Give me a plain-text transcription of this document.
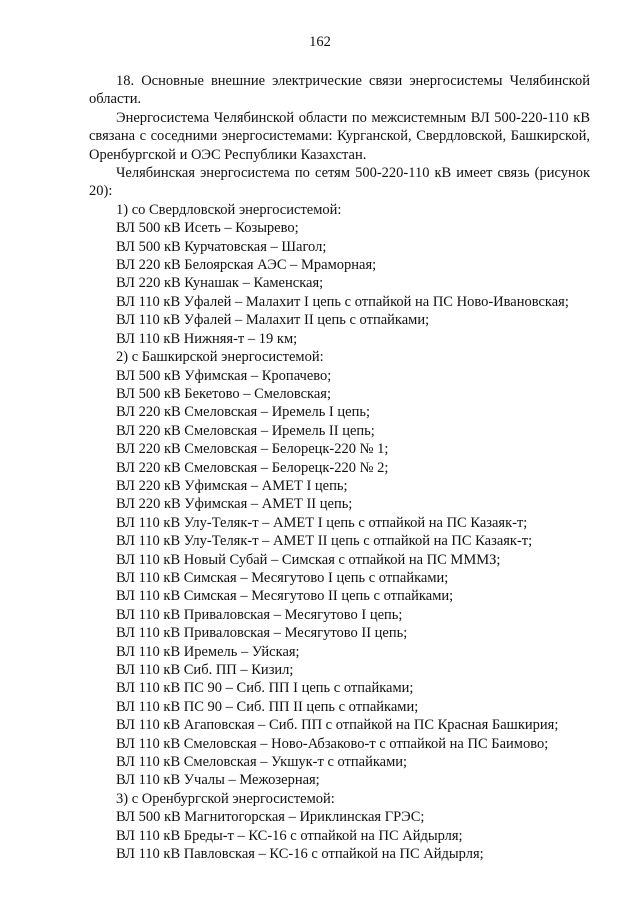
162

18. Основные внешние электрические связи энергосистемы Челябинской области.

Энергосистема Челябинской области по межсистемным ВЛ 500-220-110 кВ связана с соседними энергосистемами: Курганской, Свердловской, Башкирской, Оренбургской и ОЭС Республики Казахстан.

Челябинская энергосистема по сетям 500-220-110 кВ имеет связь (рисунок 20):

1) со Свердловской энергосистемой:

ВЛ 500 кВ Исеть – Козырево;

ВЛ 500 кВ Курчатовская – Шагол;

ВЛ 220 кВ Белоярская АЭС – Мраморная;

ВЛ 220 кВ Кунашак – Каменская;

ВЛ 110 кВ Уфалей – Малахит I цепь с отпайкой на ПС Ново-Ивановская;

ВЛ 110 кВ Уфалей – Малахит II цепь с отпайками;

ВЛ 110 кВ Нижняя-т – 19 км;

2) с Башкирской энергосистемой:

ВЛ 500 кВ Уфимская – Кропачево;

ВЛ 500 кВ Бекетово – Смеловская;

ВЛ 220 кВ Смеловская – Иремель I цепь;

ВЛ 220 кВ Смеловская – Иремель II цепь;

ВЛ 220 кВ Смеловская – Белорецк-220 № 1;

ВЛ 220 кВ Смеловская – Белорецк-220 № 2;

ВЛ 220 кВ Уфимская – АМЕТ I цепь;

ВЛ 220 кВ Уфимская – АМЕТ II цепь;

ВЛ 110 кВ Улу-Теляк-т – АМЕТ I цепь с отпайкой на ПС Казаяк-т;

ВЛ 110 кВ Улу-Теляк-т – АМЕТ II цепь с отпайкой на ПС Казаяк-т;

ВЛ 110 кВ Новый Субай – Симская с отпайкой на ПС МММЗ;

ВЛ 110 кВ Симская – Месягутово I цепь с отпайками;

ВЛ 110 кВ Симская – Месягутово II цепь с отпайками;

ВЛ 110 кВ Приваловская – Месягутово I цепь;

ВЛ 110 кВ Приваловская – Месягутово II цепь;

ВЛ 110 кВ Иремель – Уйская;

ВЛ 110 кВ Сиб. ПП – Кизил;

ВЛ 110 кВ ПС 90 – Сиб. ПП I цепь с отпайками;

ВЛ 110 кВ ПС 90 – Сиб. ПП II цепь с отпайками;

ВЛ 110 кВ Агаповская – Сиб. ПП с отпайкой на ПС Красная Башкирия;

ВЛ 110 кВ Смеловская – Ново-Абзаково-т с отпайкой на ПС Баимово;

ВЛ 110 кВ Смеловская – Укшук-т с отпайками;

ВЛ 110 кВ Учалы – Межозерная;

3) с Оренбургской энергосистемой:

ВЛ 500 кВ Магнитогорская – Ириклинская ГРЭС;

ВЛ 110 кВ Бреды-т – КС-16 с отпайкой на ПС Айдырля;

ВЛ 110 кВ Павловская – КС-16 с отпайкой на ПС Айдырля;
